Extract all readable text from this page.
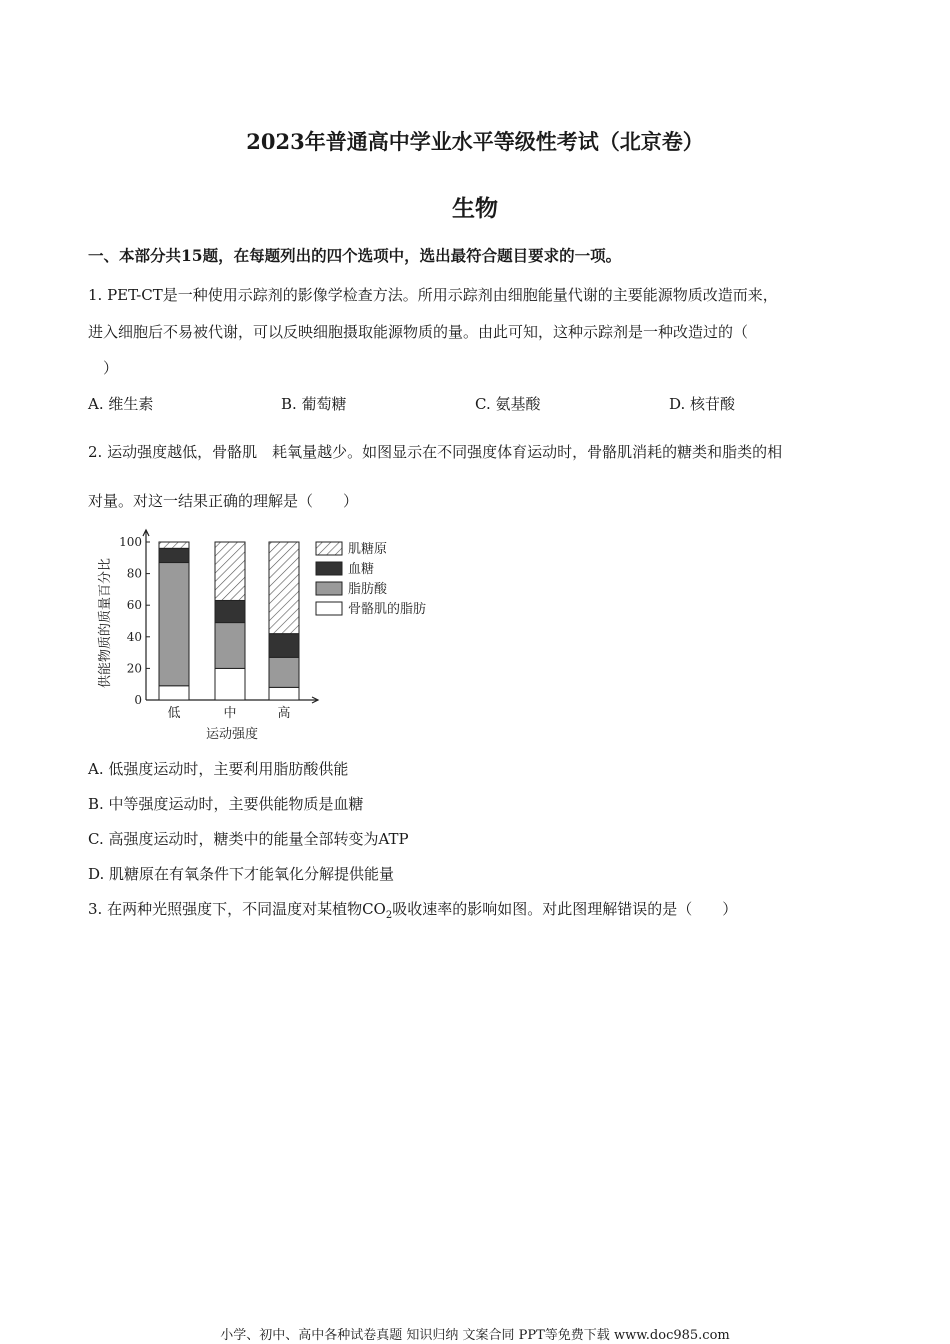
2023年普通高中学业水平等级性考试（北京卷）
生物
一、本部分共15题，在每题列出的四个选项中，选出最符合题目要求的一项。
1. PET-CT是一种使用示踪剂的影像学检查方法。所用示踪剂由细胞能量代谢的主要能源物质改造而来，
进入细胞后不易被代谢，可以反映细胞摄取能源物质的量。由此可知，这种示踪剂是一种改造过的（
）
A. 维生素	B. 葡萄糖	C. 氨基酸	D. 核苷酸
2. 运动强度越低，骨骼肌　耗氧量越少。如图显示在不同强度体育运动时，骨骼肌消耗的糖类和脂类的相
对量。对这一结果正确的理解是（　　）
0
20
40
60
80
100
供能物质的质量百分比
低	中	高
运动强度
肌糖原
血糖
脂肪酸
骨骼肌的脂肪
A. 低强度运动时，主要利用脂肪酸供能
B. 中等强度运动时，主要供能物质是血糖
C. 高强度运动时，糖类中的能量全部转变为ATP
D. 肌糖原在有氧条件下才能氧化分解提供能量
3. 在两种光照强度下，不同温度对某植物$CO_2$吸收速率的影响如图。对此图理解错误的是（　　）
小学、初中、高中各种试卷真题 知识归纳 文案合同 PPT等免费下载 www.doc985.com
